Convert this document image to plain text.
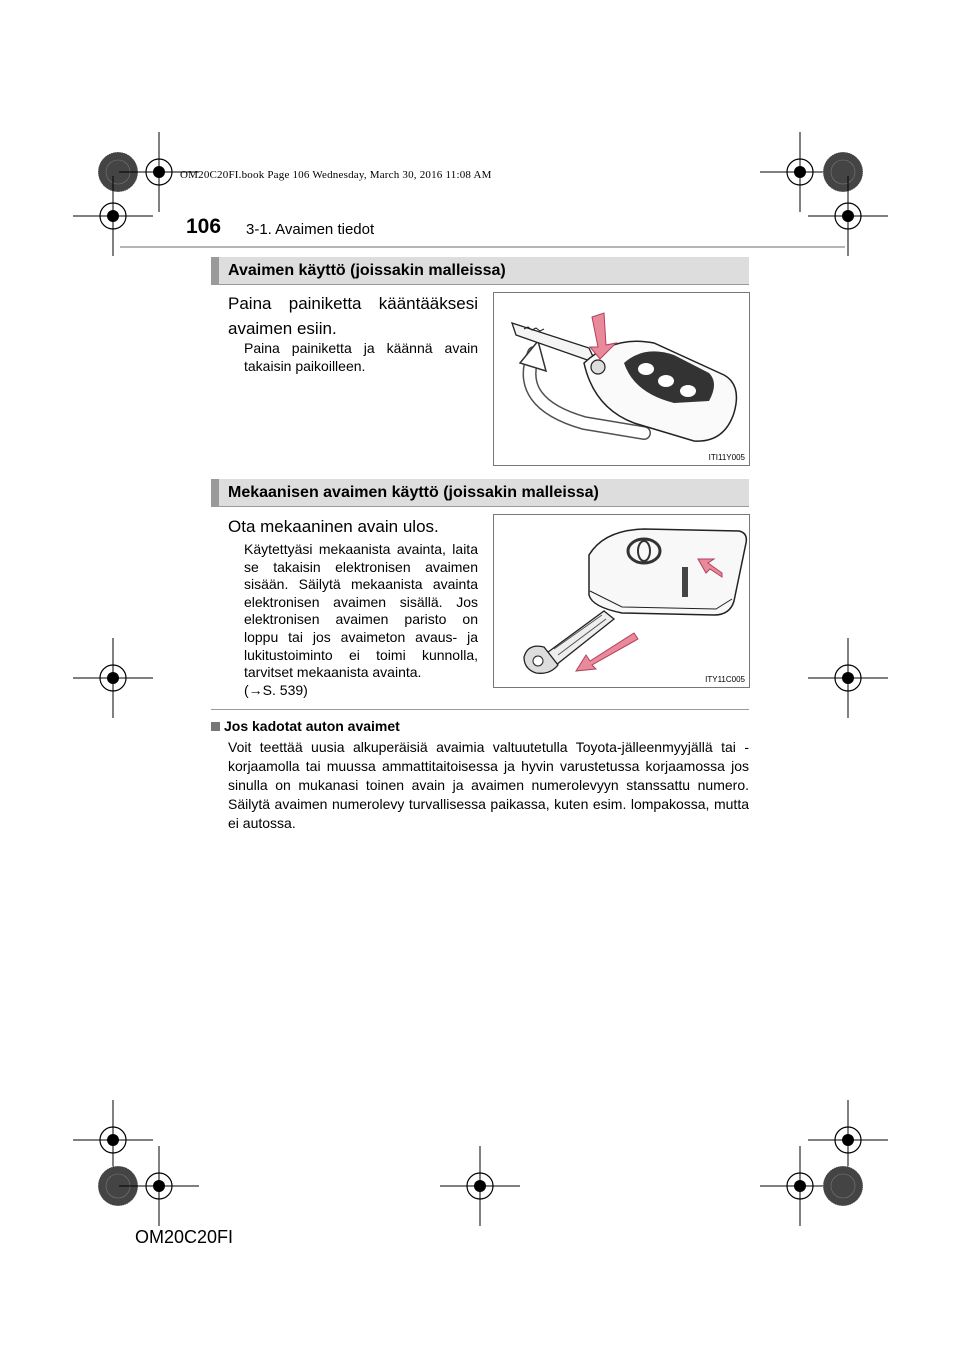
OM20C20FI.book Page 106 Wednesday, March 30, 2016 11:08 AM
106 3-1. Avaimen tiedot
Avaimen käyttö (joissakin malleissa)
Paina painiketta kääntääksesi avaimen esiin.
Paina painiketta ja käännä avain takaisin paikoilleen.
ITI11Y005
Mekaanisen avaimen käyttö (joissakin malleissa)
Ota mekaaninen avain ulos.
Käytettyäsi mekaanista avainta, laita se takaisin elektronisen avaimen sisään. Säilytä mekaanista avainta elektronisen avaimen sisällä. Jos elektronisen avaimen paristo on loppu tai jos avaimeton avaus- ja lukitustoiminto ei toimi kunnolla, tarvitset mekaanista avainta.
(→S. 539)
ITY11C005
Jos kadotat auton avaimet
Voit teettää uusia alkuperäisiä avaimia valtuutetulla Toyota-jälleenmyyjällä tai -korjaamolla tai muussa ammattitaitoisessa ja hyvin varustetussa korjaamossa jos sinulla on mukanasi toinen avain ja avaimen numerolevyyn stanssattu numero. Säilytä avaimen numerolevy turvallisessa paikassa, kuten esim. lompakossa, mutta ei autossa.
OM20C20FI
